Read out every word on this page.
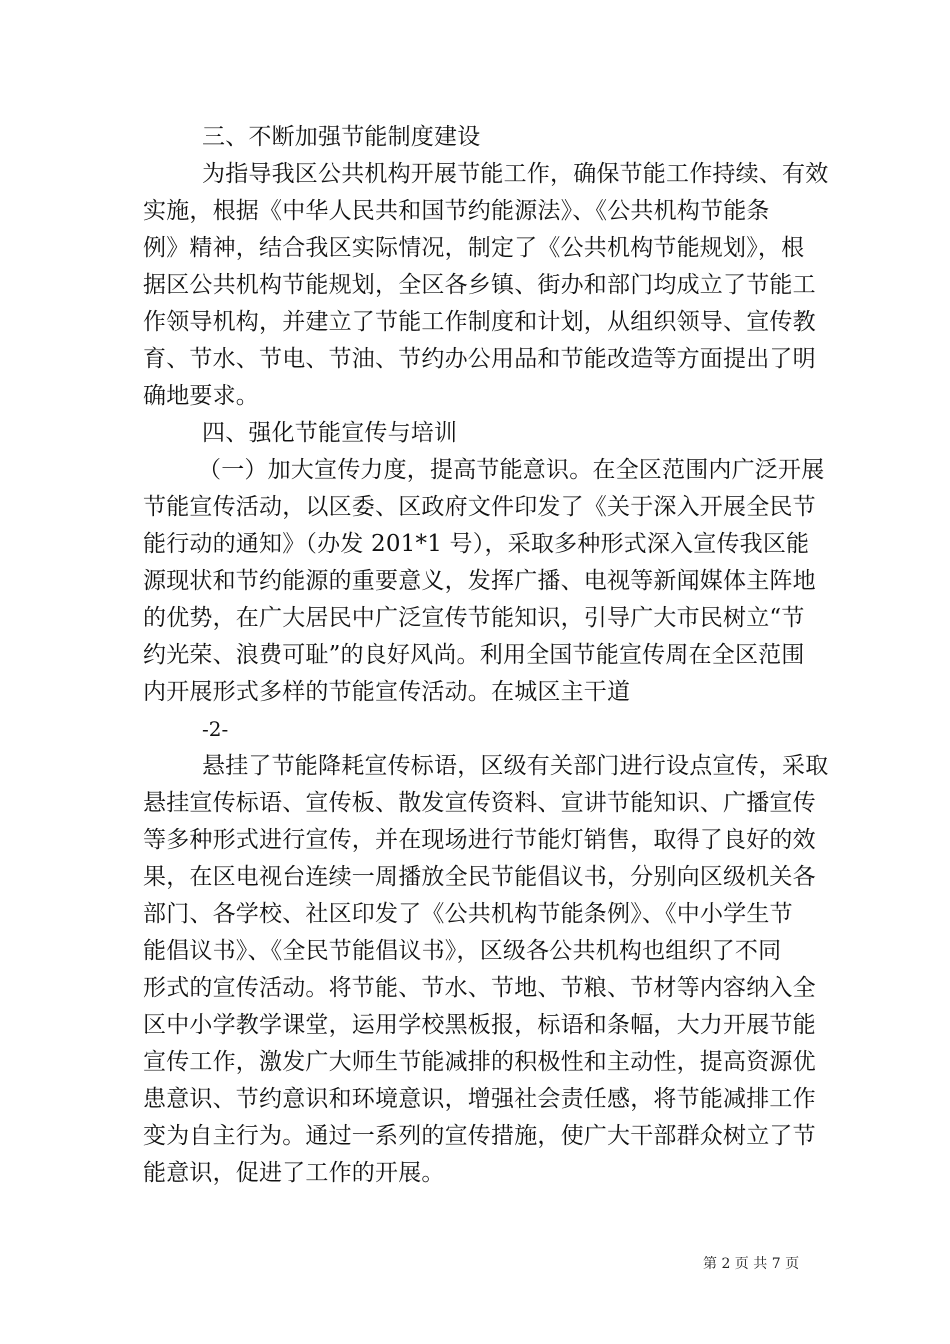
三、不断加强节能制度建设
为指导我区公共机构开展节能工作，确保节能工作持续、有效
实施，根据《中华人民共和国节约能源法》、《公共机构节能条
例》精神，结合我区实际情况，制定了《公共机构节能规划》，根
据区公共机构节能规划，全区各乡镇、街办和部门均成立了节能工
作领导机构，并建立了节能工作制度和计划，从组织领导、宣传教
育、节水、节电、节油、节约办公用品和节能改造等方面提出了明
确地要求。
四、强化节能宣传与培训
（一）加大宣传力度，提高节能意识。在全区范围内广泛开展
节能宣传活动，以区委、区政府文件印发了《关于深入开展全民节
能行动的通知》（办发 201*1 号），采取多种形式深入宣传我区能
源现状和节约能源的重要意义，发挥广播、电视等新闻媒体主阵地
的优势，在广大居民中广泛宣传节能知识，引导广大市民树立“节
约光荣、浪费可耻”的良好风尚。利用全国节能宣传周在全区范围
内开展形式多样的节能宣传活动。在城区主干道
-2-
悬挂了节能降耗宣传标语，区级有关部门进行设点宣传，采取
悬挂宣传标语、宣传板、散发宣传资料、宣讲节能知识、广播宣传
等多种形式进行宣传，并在现场进行节能灯销售，取得了良好的效
果，在区电视台连续一周播放全民节能倡议书，分别向区级机关各
部门、各学校、社区印发了《公共机构节能条例》、《中小学生节
能倡议书》、《全民节能倡议书》，区级各公共机构也组织了不同
形式的宣传活动。将节能、节水、节地、节粮、节材等内容纳入全
区中小学教学课堂，运用学校黑板报，标语和条幅，大力开展节能
宣传工作，激发广大师生节能减排的积极性和主动性，提高资源优
患意识、节约意识和环境意识，增强社会责任感，将节能减排工作
变为自主行为。通过一系列的宣传措施，使广大干部群众树立了节
能意识，促进了工作的开展。
第 2 页 共 7 页
